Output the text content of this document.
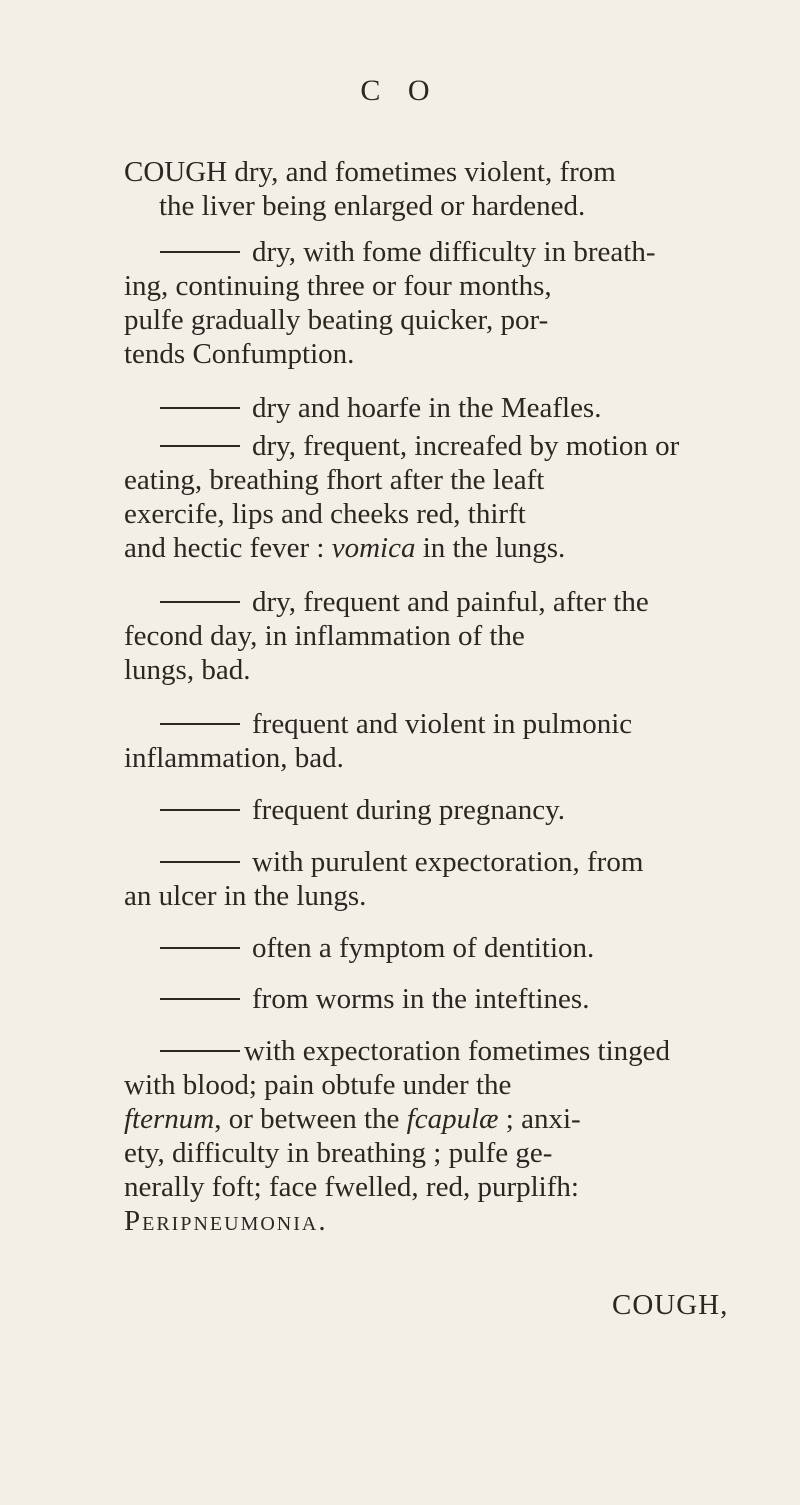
C O
COUGH dry, and fometimes violent, from
the liver being enlarged or hardened.
dry, with fome difficulty in breath-
ing, continuing three or four months,
pulfe gradually beating quicker, por-
tends Confumption.
dry and hoarfe in the Meafles.
dry, frequent, increafed by motion or
eating, breathing fhort after the leaft
exercife, lips and cheeks red, thirft
and hectic fever : vomica in the lungs.
dry, frequent and painful, after the
fecond day, in inflammation of the
lungs, bad.
frequent and violent in pulmonic
inflammation, bad.
frequent during pregnancy.
with purulent expectoration, from
an ulcer in the lungs.
often a fymptom of dentition.
from worms in the inteftines.
with expectoration fometimes tinged
with blood; pain obtufe under the
fternum, or between the fcapulæ ; anxi-
ety, difficulty in breathing ; pulfe ge-
nerally foft; face fwelled, red, purplifh:
Peripneumonia.
COUGH,
